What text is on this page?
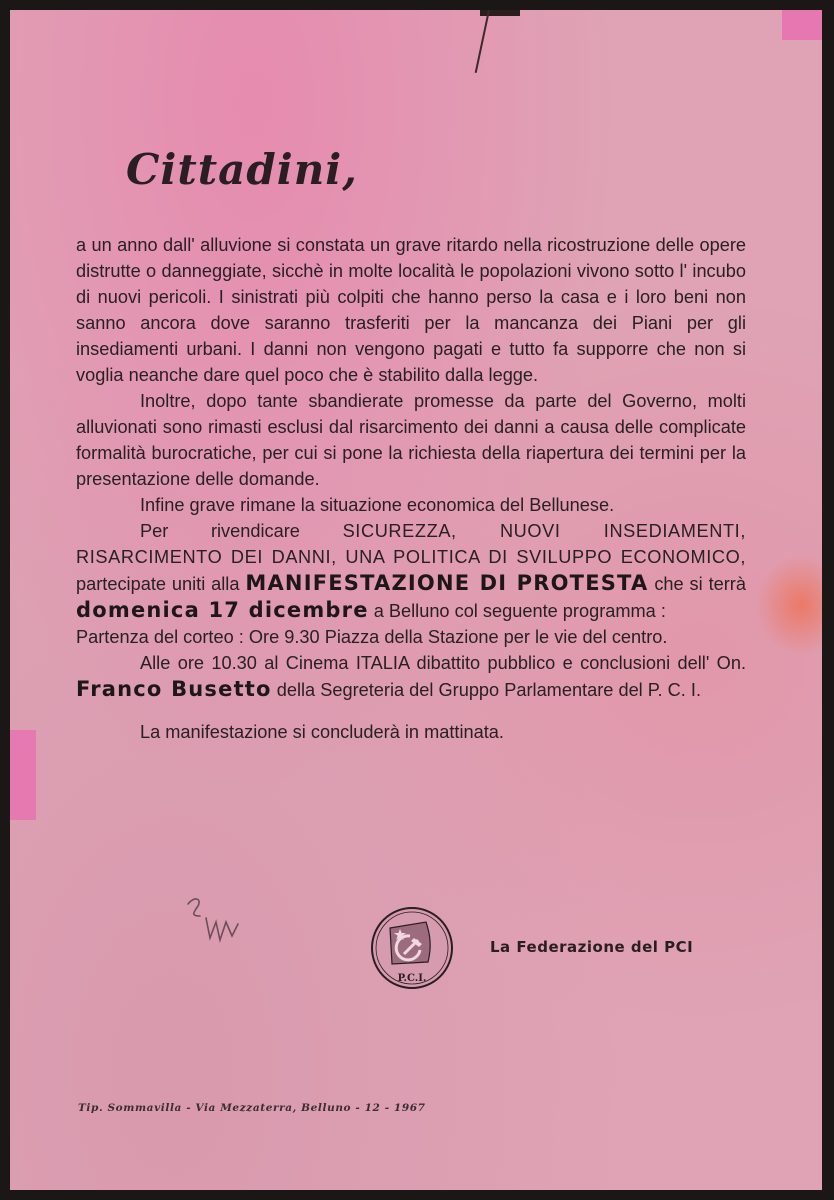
Cittadini,

a un anno dall' alluvione si constata un grave ritardo nella ricostruzione delle opere distrutte o danneggiate, sicchè in molte località le popolazioni vivono sotto l' incubo di nuovi pericoli. I sinistrati più colpiti che hanno perso la casa e i loro beni non sanno ancora dove saranno trasferiti per la mancanza dei Piani per gli insediamenti urbani. I danni non vengono pagati e tutto fa supporre che non si voglia neanche dare quel poco che è stabilito dalla legge.

Inoltre, dopo tante sbandierate promesse da parte del Governo, molti alluvionati sono rimasti esclusi dal risarcimento dei danni a causa delle complicate formalità burocratiche, per cui si pone la richiesta della riapertura dei termini per la presentazione delle domande.

Infine grave rimane la situazione economica del Bellunese.

Per rivendicare SICUREZZA, NUOVI INSEDIAMENTI, RISARCIMENTO DEI DANNI, UNA POLITICA DI SVILUPPO ECONOMICO, partecipate uniti alla MANIFESTAZIONE DI PROTESTA che si terrà domenica 17 dicembre a Belluno col seguente programma :

Partenza del corteo : Ore 9.30 Piazza della Stazione per le vie del centro.

Alle ore 10.30 al Cinema ITALIA dibattito pubblico e conclusioni dell' On. Franco Busetto della Segreteria del Gruppo Parlamentare del P. C. I.

La manifestazione si concluderà in mattinata.

P.C.I.
La Federazione del PCI
Tip. Sommavilla - Via Mezzaterra, Belluno - 12 - 1967
